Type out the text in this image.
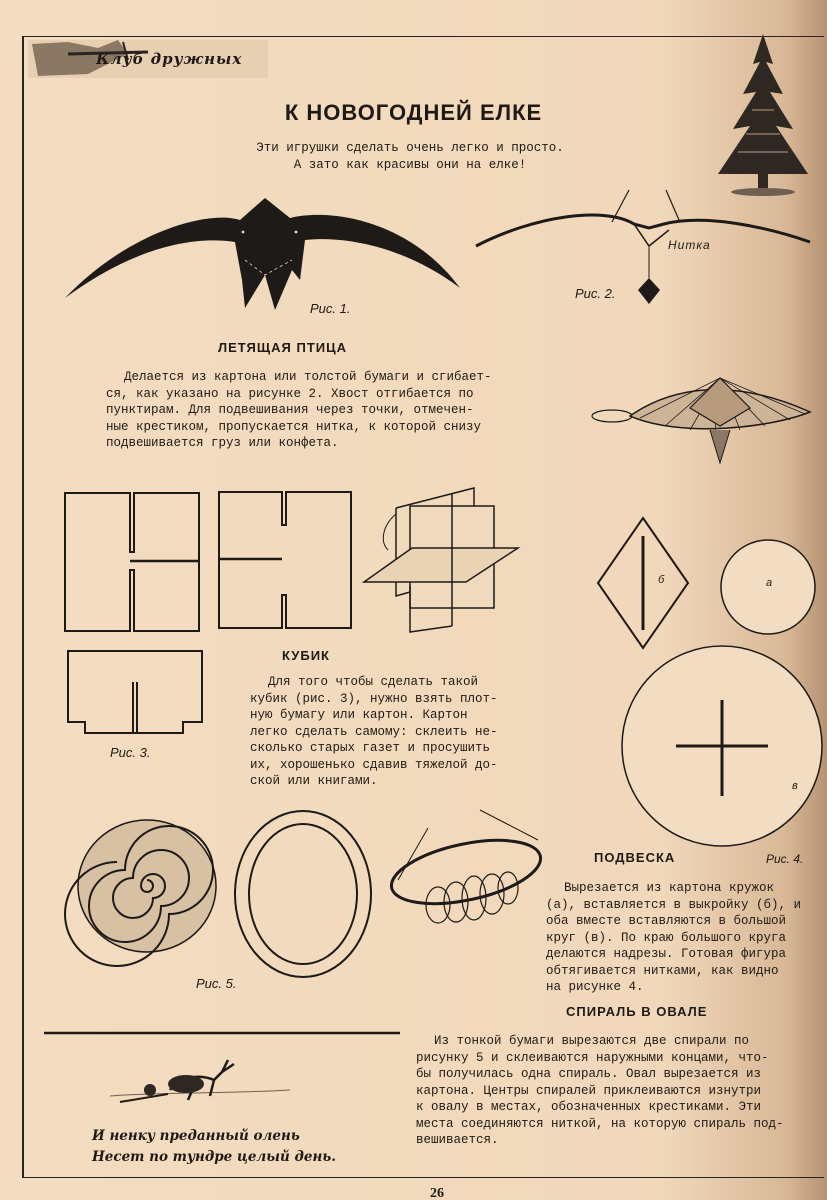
Клуб дружных
К НОВОГОДНЕЙ ЕЛКЕ
Эти игрушки сделать очень легко и просто.
А зато как красивы они на елке!
Рис. 1.
Нитка
Рис. 2.
ЛЕТЯЩАЯ ПТИЦА
Делается из картона или толстой бумаги и сгибает-
ся, как указано на рисунке 2. Хвост отгибается по
пунктирам. Для подвешивания через точки, отмечен-
ные крестиком, пропускается нитка, к которой снизу
подвешивается груз или конфета.
Рис. 3.
КУБИК
Для того чтобы сделать такой
кубик (рис. 3), нужно взять плот-
ную бумагу или картон. Картон
легко сделать самому: склеить не-
сколько старых газет и просушить
их, хорошенько сдавив тяжелой до-
ской или книгами.
б	а
в
Рис. 4.
Рис. 5.
ПОДВЕСКА
Вырезается из картона кружок
(а), вставляется в выкройку (б), и
оба вместе вставляются в большой
круг (в). По краю большого круга
делаются надрезы. Готовая фигура
обтягивается нитками, как видно
на рисунке 4.
СПИРАЛЬ В ОВАЛЕ
Из тонкой бумаги вырезаются две спирали по
рисунку 5 и склеиваются наружными концами, что-
бы получилась одна спираль. Овал вырезается из
картона. Центры спиралей приклеиваются изнутри
к овалу в местах, обозначенных крестиками. Эти
места соединяются ниткой, на которую спираль под-
вешивается.
И ненку преданный олень
Несет по тундре целый день.
26
